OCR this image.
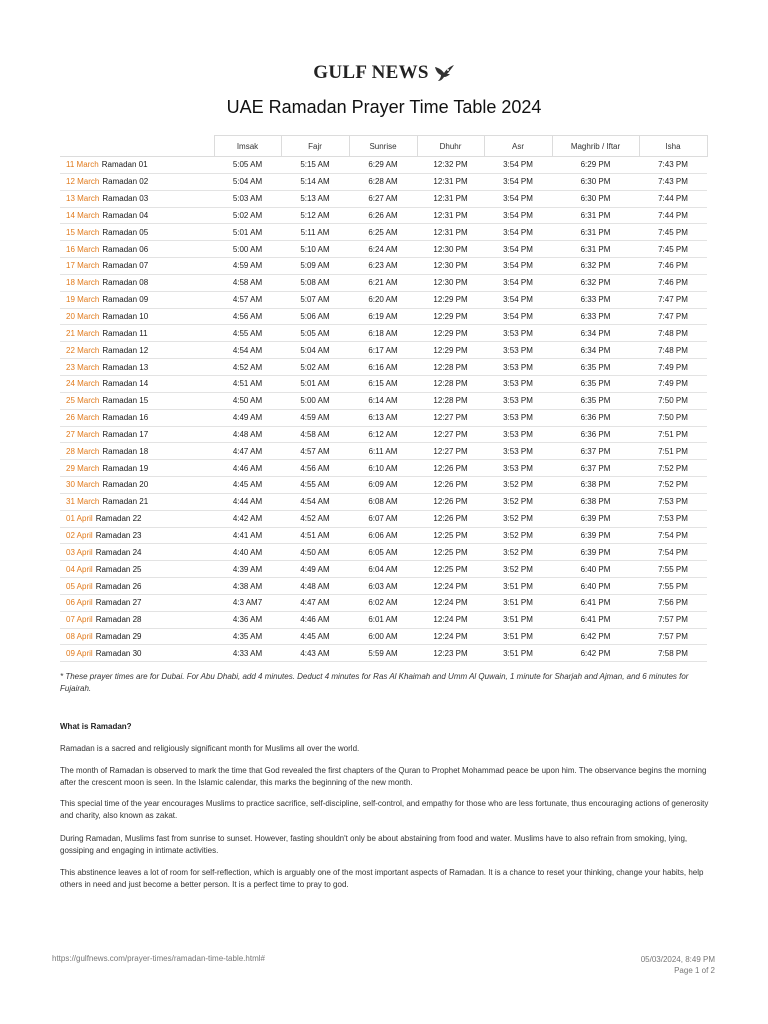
GULF NEWS
UAE Ramadan Prayer Time Table 2024
	Imsak	Fajr	Sunrise	Dhuhr	Asr	Maghrib / Iftar	Isha
11 March Ramadan 01	5:05 AM	5:15 AM	6:29 AM	12:32 PM	3:54 PM	6:29 PM	7:43 PM
12 March Ramadan 02	5:04 AM	5:14 AM	6:28 AM	12:31 PM	3:54 PM	6:30 PM	7:43 PM
13 March Ramadan 03	5:03 AM	5:13 AM	6:27 AM	12:31 PM	3:54 PM	6:30 PM	7:44 PM
14 March Ramadan 04	5:02 AM	5:12 AM	6:26 AM	12:31 PM	3:54 PM	6:31 PM	7:44 PM
15 March Ramadan 05	5:01 AM	5:11 AM	6:25 AM	12:31 PM	3:54 PM	6:31 PM	7:45 PM
16 March Ramadan 06	5:00 AM	5:10 AM	6:24 AM	12:30 PM	3:54 PM	6:31 PM	7:45 PM
17 March Ramadan 07	4:59 AM	5:09 AM	6:23 AM	12:30 PM	3:54 PM	6:32 PM	7:46 PM
18 March Ramadan 08	4:58 AM	5:08 AM	6:21 AM	12:30 PM	3:54 PM	6:32 PM	7:46 PM
19 March Ramadan 09	4:57 AM	5:07 AM	6:20 AM	12:29 PM	3:54 PM	6:33 PM	7:47 PM
20 March Ramadan 10	4:56 AM	5:06 AM	6:19 AM	12:29 PM	3:54 PM	6:33 PM	7:47 PM
21 March Ramadan 11	4:55 AM	5:05 AM	6:18 AM	12:29 PM	3:53 PM	6:34 PM	7:48 PM
22 March Ramadan 12	4:54 AM	5:04 AM	6:17 AM	12:29 PM	3:53 PM	6:34 PM	7:48 PM
23 March Ramadan 13	4:52 AM	5:02 AM	6:16 AM	12:28 PM	3:53 PM	6:35 PM	7:49 PM
24 March Ramadan 14	4:51 AM	5:01 AM	6:15 AM	12:28 PM	3:53 PM	6:35 PM	7:49 PM
25 March Ramadan 15	4:50 AM	5:00 AM	6:14 AM	12:28 PM	3:53 PM	6:35 PM	7:50 PM
26 March Ramadan 16	4:49 AM	4:59 AM	6:13 AM	12:27 PM	3:53 PM	6:36 PM	7:50 PM
27 March Ramadan 17	4:48 AM	4:58 AM	6:12 AM	12:27 PM	3:53 PM	6:36 PM	7:51 PM
28 March Ramadan 18	4:47 AM	4:57 AM	6:11 AM	12:27 PM	3:53 PM	6:37 PM	7:51 PM
29 March Ramadan 19	4:46 AM	4:56 AM	6:10 AM	12:26 PM	3:53 PM	6:37 PM	7:52 PM
30 March Ramadan 20	4:45 AM	4:55 AM	6:09 AM	12:26 PM	3:52 PM	6:38 PM	7:52 PM
31 March Ramadan 21	4:44 AM	4:54 AM	6:08 AM	12:26 PM	3:52 PM	6:38 PM	7:53 PM
01 April Ramadan 22	4:42 AM	4:52 AM	6:07 AM	12:26 PM	3:52 PM	6:39 PM	7:53 PM
02 April Ramadan 23	4:41 AM	4:51 AM	6:06 AM	12:25 PM	3:52 PM	6:39 PM	7:54 PM
03 April Ramadan 24	4:40 AM	4:50 AM	6:05 AM	12:25 PM	3:52 PM	6:39 PM	7:54 PM
04 April Ramadan 25	4:39 AM	4:49 AM	6:04 AM	12:25 PM	3:52 PM	6:40 PM	7:55 PM
05 April Ramadan 26	4:38 AM	4:48 AM	6:03 AM	12:24 PM	3:51 PM	6:40 PM	7:55 PM
06 April Ramadan 27	4:3 AM7	4:47 AM	6:02 AM	12:24 PM	3:51 PM	6:41 PM	7:56 PM
07 April Ramadan 28	4:36 AM	4:46 AM	6:01 AM	12:24 PM	3:51 PM	6:41 PM	7:57 PM
08 April Ramadan 29	4:35 AM	4:45 AM	6:00 AM	12:24 PM	3:51 PM	6:42 PM	7:57 PM
09 April Ramadan 30	4:33 AM	4:43 AM	5:59 AM	12:23 PM	3:51 PM	6:42 PM	7:58 PM

* These prayer times are for Dubai. For Abu Dhabi, add 4 minutes. Deduct 4 minutes for Ras Al Khaimah and Umm Al Quwain, 1 minute for Sharjah and Ajman, and 6 minutes for Fujairah.

What is Ramadan?

Ramadan is a sacred and religiously significant month for Muslims all over the world.

The month of Ramadan is observed to mark the time that God revealed the first chapters of the Quran to Prophet Mohammad peace be upon him. The observance begins the morning after the crescent moon is seen. In the Islamic calendar, this marks the beginning of the new month.

This special time of the year encourages Muslims to practice sacrifice, self-discipline, self-control, and empathy for those who are less fortunate, thus encouraging actions of generosity and charity, also known as zakat.

During Ramadan, Muslims fast from sunrise to sunset. However, fasting shouldn't only be about abstaining from food and water. Muslims have to also refrain from smoking, lying, gossiping and engaging in intimate activities.

This abstinence leaves a lot of room for self-reflection, which is arguably one of the most important aspects of Ramadan. It is a chance to reset your thinking, change your habits, help others in need and just become a better person. It is a perfect time to pray to god.

https://gulfnews.com/prayer-times/ramadan-time-table.html#	05/03/2024, 8:49 PM
Page 1 of 2
